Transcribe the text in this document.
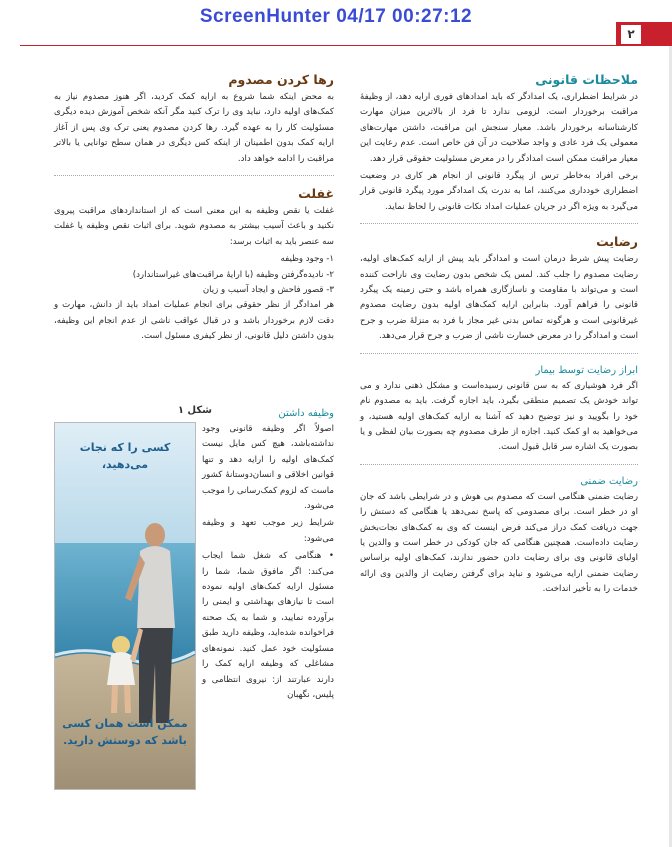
ScreenHunter 04/17 00:27:12
۲
ملاحظات قانونی

در شرایط اضطراری، یک امدادگر که باید امدادهای فوری ارایه دهد، از وظیفهٔ مراقبت برخوردار است. لزومی ندارد تا فرد از بالاترین میزان مهارت کارشناسانه برخوردار باشد. معیار سنجش این مراقبت، داشتن مهارت‌های معمولی یک فرد عادی و واجد صلاحیت در آن فن خاص است. عدم رعایت این معیار مراقبت ممکن است امدادگر را در معرض مسئولیت حقوقی قرار دهد.

برخی افراد به‌خاطر ترس از پیگرد قانونی از انجام هر کاری در وضعیت اضطراری خودداری می‌کنند، اما به ندرت یک امدادگر مورد پیگرد قانونی قرار می‌گیرد به ویژه اگر در جریان عملیات امداد نکات قانونی را لحاظ نماید.

رضایت

رضایت پیش شرط درمان است و امدادگر باید پیش از ارایه کمک‌های اولیه، رضایت مصدوم را جلب کند. لمس یک شخص بدون رضایت وی ناراحت کننده است و می‌تواند با مقاومت و ناسازگاری همراه باشد و حتی زمینه یک پیگرد قانونی را فراهم آورد. بنابراین ارایه کمک‌های اولیه بدون رضایت مصدوم غیرقانونی است و هرگونه تماس بدنی غیر مجاز با فرد به منزلهٔ ضرب و جرح است و امدادگر را در معرض خسارت ناشی از ضرب و جرح قرار می‌دهد.

ابراز رضایت توسط بیمار

اگر فرد هوشیاری که به سن قانونی رسیده‌است و مشکل ذهنی ندارد و می تواند خودش یک تصمیم منطقی بگیرد، باید اجازه گرفت. باید به مصدوم نام خود را بگویید و نیز توضیح دهید که آشنا به ارایه کمک‌های اولیه هستید، و می‌خواهید به او کمک کنید. اجازه از طرف مصدوم چه بصورت بیان لفظی و یا بصورت یک اشاره سر قابل قبول است.

رضایت ضمنی

رضایت ضمنی هنگامی است که مصدوم بی هوش و در شرایطی باشد که جان او در خطر است. برای مصدومی که پاسخ نمی‌دهد یا هنگامی که دستش را جهت دریافت کمک دراز می‌کند فرض اینست که وی به کمک‌های نجات‌بخش رضایت داده‌است. همچنین هنگامی که جان کودکی در خطر است و والدین یا اولیای قانونی وی برای رضایت دادن حضور ندارند، کمک‌های اولیه براساس رضایت ضمنی ارایه می‌شود و نباید برای گرفتن رضایت از والدین وی ارائه خدمات را به تأخیر انداخت.

رها کردن مصدوم

به محض اینکه شما شروع به ارایه کمک کردید، اگر هنوز مصدوم نیاز به کمک‌های اولیه دارد، نباید وی را ترک کنید مگر آنکه شخص آموزش دیده دیگری مسئولیت کار را به عهده گیرد. رها کردن مصدوم یعنی ترک وی پس از آغاز ارایه کمک بدون اطمینان از اینکه کس دیگری در همان سطح توانایی یا بالاتر مراقبت را ادامه خواهد داد.

غفلت

غفلت یا نقص وظیفه به این معنی است که از استانداردهای مراقبت پیروی نکنید و باعث آسیب بیشتر به مصدوم شوید. برای اثبات نقص وظیفه یا غفلت سه عنصر باید به اثبات برسد:

۱- وجود وظیفه
۲- نادیده‌گرفتن وظیفه (با ارایهٔ مراقبت‌های غیراستاندارد)
۳- قصور فاحش و ایجاد آسیب و زیان

هر امدادگر از نظر حقوقی برای انجام عملیات امداد باید از دانش، مهارت و دقت لازم برخوردار باشد و در قبال عواقب ناشی از عدم انجام این وظیفه، بدون داشتن دلیل قانونی، از نظر کیفری مسئول است.

شکل ۱
کسی را که نجات می‌دهید،
ممکن است همان کسی باشد که دوستش دارید.
وظیفه داشتن

اصولاً اگر وظیفه قانونی وجود نداشته‌باشد، هیچ کس مایل نیست کمک‌های اولیه را ارایه دهد و تنها قوانین اخلاقی و انسان‌دوستانهٔ کشور ماست که لزوم کمک‌رسانی را موجب می‌شود.

شرایط زیر موجب تعهد و وظیفه می‌شود:

• هنگامی که شغل شما ایجاب می‌کند: اگر مافوق شما، شما را مسئول ارایه کمک‌های اولیه نموده است تا نیازهای بهداشتی و ایمنی را برآورده نمایید، و شما به یک صحنه فراخوانده شده‌اید، وظیفه دارید طبق مسئولیت خود عمل کنید. نمونه‌های مشاغلی که وظیفه ارایه کمک را دارند عبارتند از: نیروی انتظامی و پلیس، نگهبان
